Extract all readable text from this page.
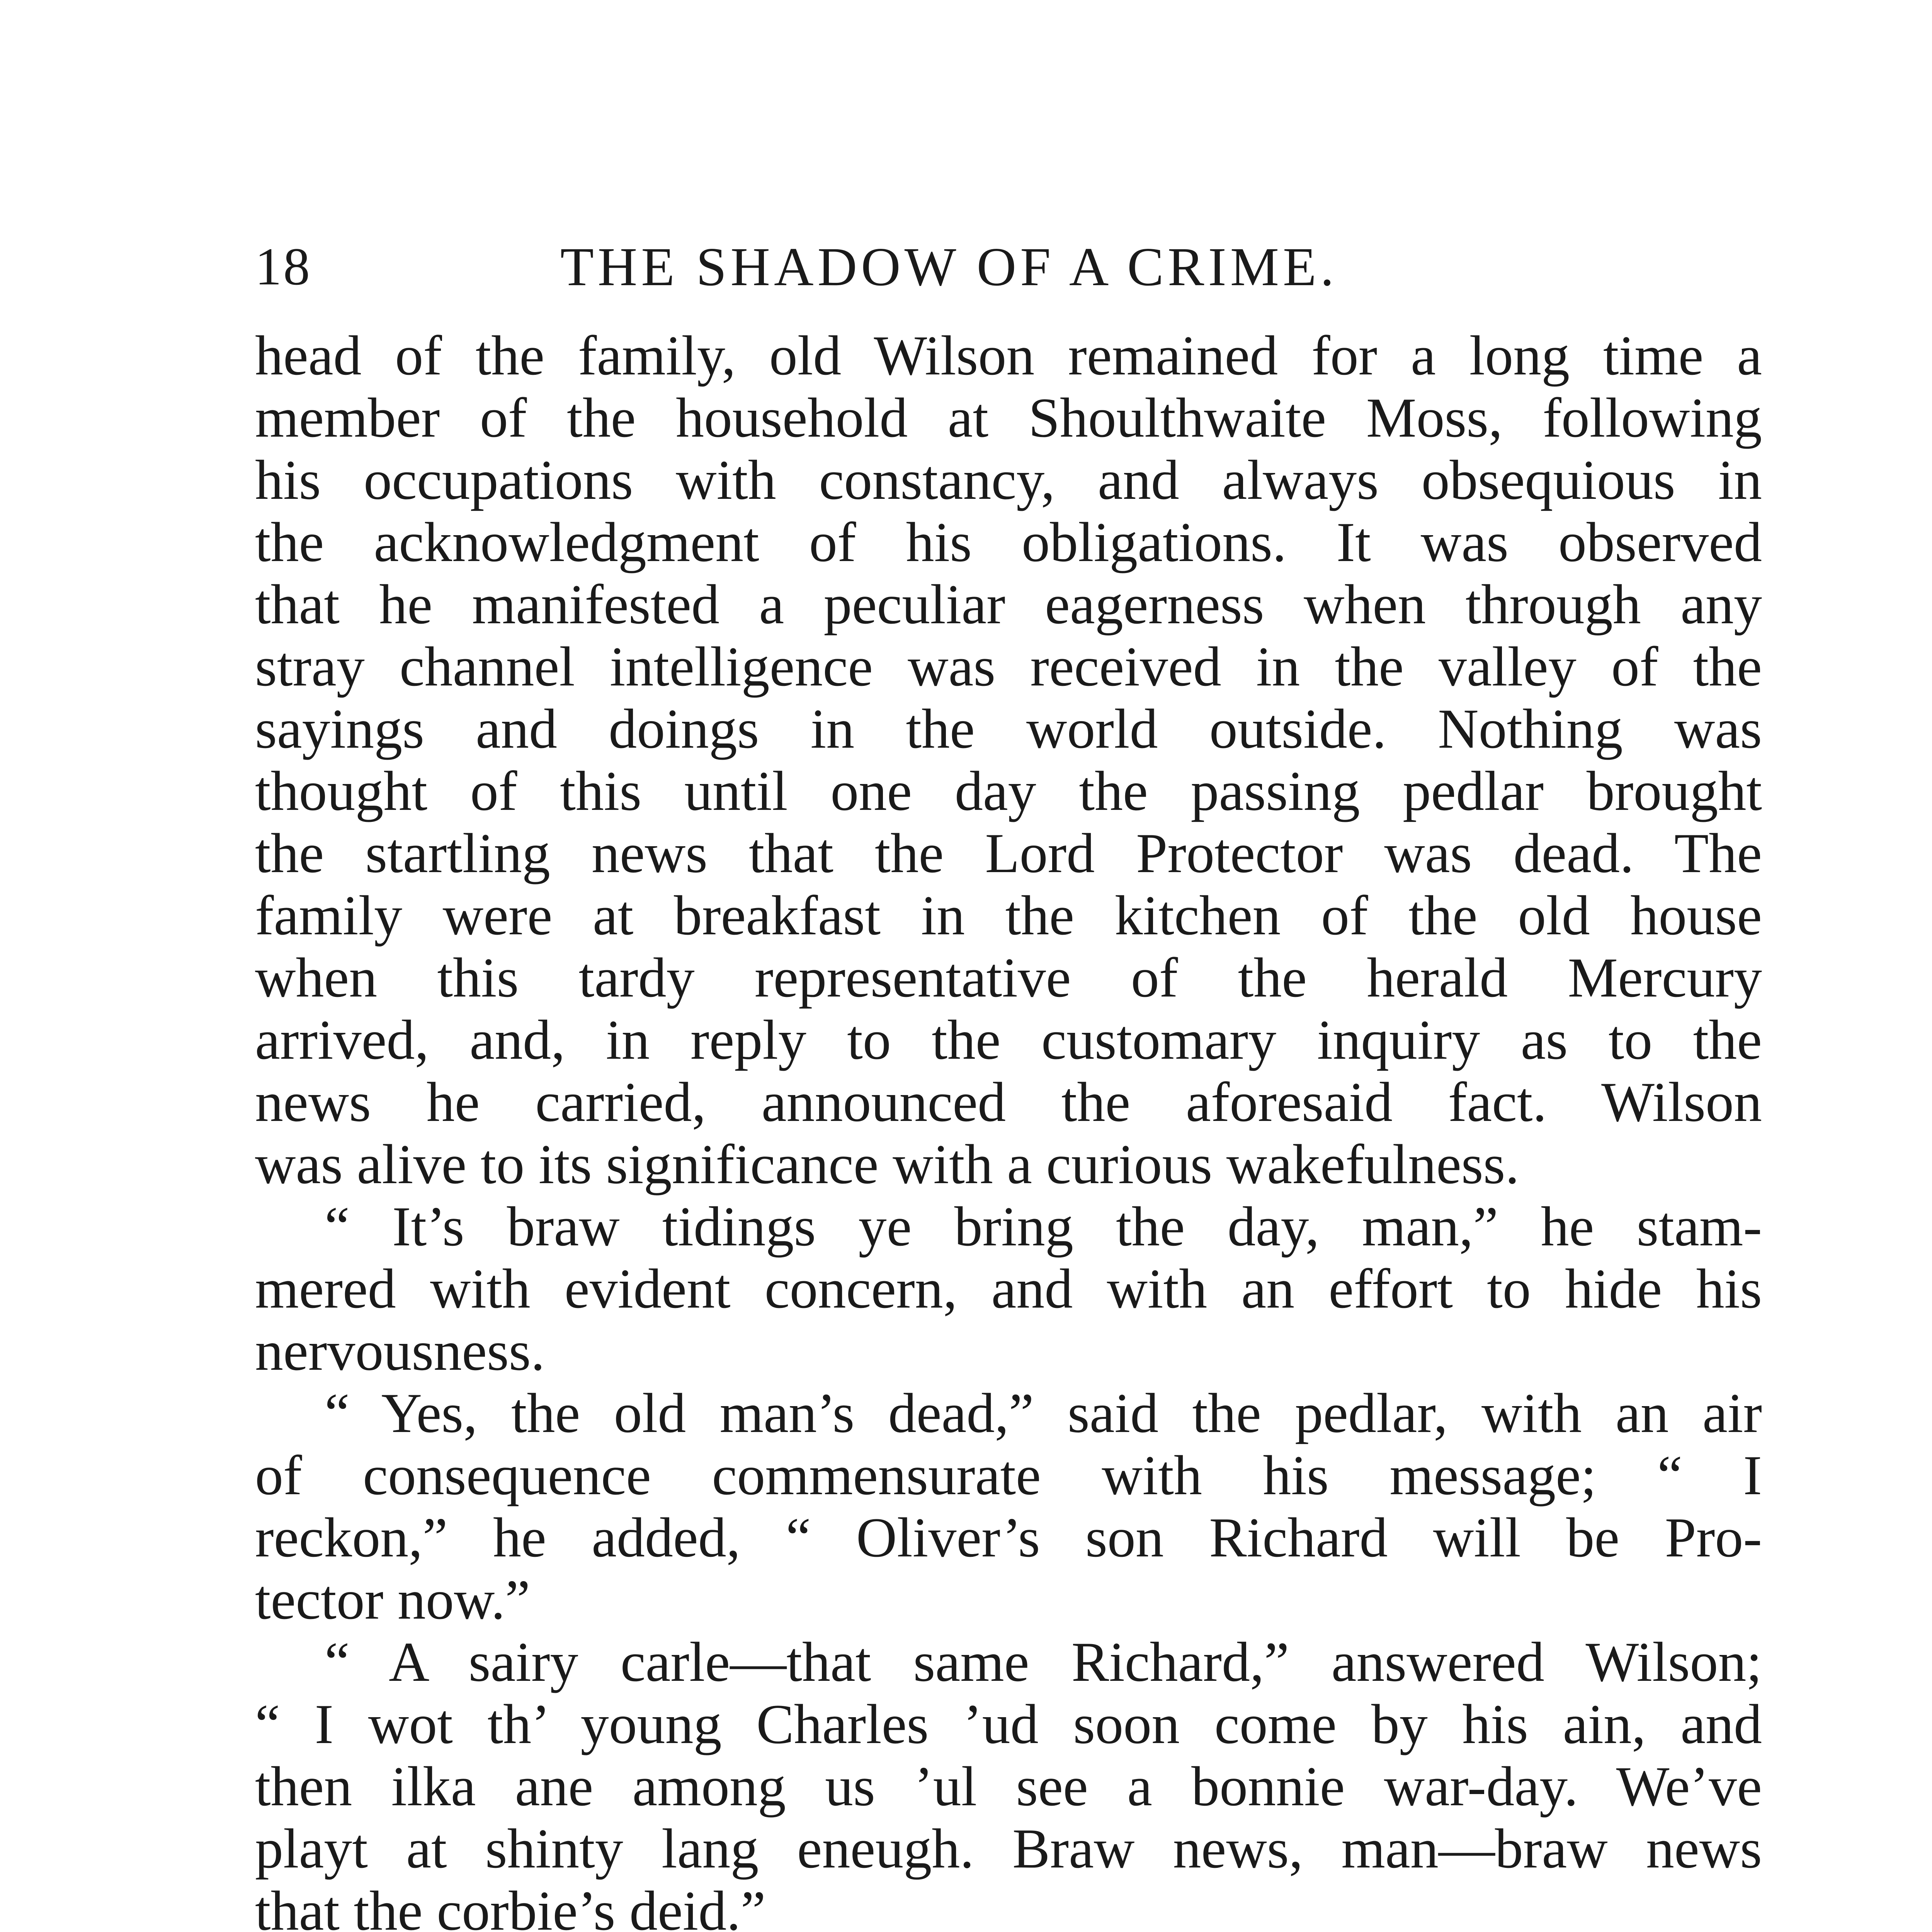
18	THE SHADOW OF A CRIME.
head of the family, old Wilson remained for a long time a
member of the household at Shoulthwaite Moss, following
his occupations with constancy, and always obsequious in
the acknowledgment of his obligations. It was observed
that he manifested a peculiar eagerness when through any
stray channel intelligence was received in the valley of the
sayings and doings in the world outside. Nothing was
thought of this until one day the passing pedlar brought
the startling news that the Lord Protector was dead. The
family were at breakfast in the kitchen of the old house
when this tardy representative of the herald Mercury
arrived, and, in reply to the customary inquiry as to the
news he carried, announced the aforesaid fact. Wilson
was alive to its significance with a curious wakefulness.
“ It’s braw tidings ye bring the day, man,” he stam-
mered with evident concern, and with an effort to hide his
nervousness.
“ Yes, the old man’s dead,” said the pedlar, with an air
of consequence commensurate with his message; “ I
reckon,” he added, “ Oliver’s son Richard will be Pro-
tector now.”
“ A sairy carle—that same Richard,” answered Wilson;
“ I wot th’ young Charles ’ud soon come by his ain, and
then ilka ane among us ’ul see a bonnie war-day. We’ve
playt at shinty lang eneugh. Braw news, man—braw news
that the corbie’s deid.”
